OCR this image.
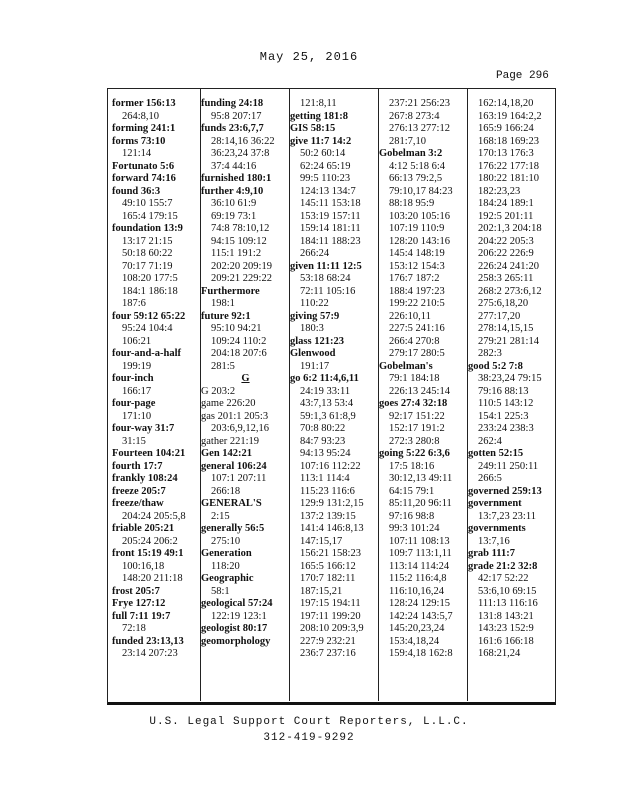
May 25, 2016
Page 296
former 156:13
264:8,10
forming 241:1
forms 73:10
121:14
Fortunato 5:6
forward 74:16
found 36:3
49:10 155:7
165:4 179:15
foundation 13:9
13:17 21:15
50:18 60:22
70:17 71:19
108:20 177:5
184:1 186:18
187:6
four 59:12 65:22
95:24 104:4
106:21
four-and-a-half
199:19
four-inch
166:17
four-page
171:10
four-way 31:7
31:15
Fourteen 104:21
fourth 17:7
frankly 108:24
freeze 205:7
freeze/thaw
204:24 205:5,8
friable 205:21
205:24 206:2
front 15:19 49:1
100:16,18
148:20 211:18
frost 205:7
Frye 127:12
full 7:11 19:7
72:18
funded 23:13,13
23:14 207:23
funding 24:18
95:8 207:17
funds 23:6,7,7
28:14,16 36:22
36:23,24 37:8
37:4 44:16
furnished 180:1
further 4:9,10
36:10 61:9
69:19 73:1
74:8 78:10,12
94:15 109:12
115:1 191:2
202:20 209:19
209:21 229:22
Furthermore
198:1
future 92:1
95:10 94:21
109:24 110:2
204:18 207:6
281:5
G
G 203:2
game 226:20
gas 201:1 205:3
203:6,9,12,16
gather 221:19
Gen 142:21
general 106:24
107:1 207:11
266:18
GENERAL'S
2:15
generally 56:5
275:10
Generation
118:20
Geographic
58:1
geological 57:24
122:19 123:1
geologist 80:17
geomorphology
121:8,11
getting 181:8
GIS 58:15
give 11:7 14:2
50:2 60:14
62:24 65:19
99:5 110:23
124:13 134:7
145:11 153:18
153:19 157:11
159:14 181:11
184:11 188:23
266:24
given 11:11 12:5
53:18 68:24
72:11 105:16
110:22
giving 57:9
180:3
glass 121:23
Glenwood
191:17
go 6:2 11:4,6,11
24:19 33:11
43:7,13 53:4
59:1,3 61:8,9
70:8 80:22
84:7 93:23
94:13 95:24
107:16 112:22
113:1 114:4
115:23 116:6
129:9 131:2,15
137:2 139:15
141:4 146:8,13
147:15,17
156:21 158:23
165:5 166:12
170:7 182:11
187:15,21
197:15 194:11
197:11 199:20
208:10 209:3,9
227:9 232:21
236:7 237:16
237:21 256:23
267:8 273:4
276:13 277:12
281:7,10
Gobelman 3:2
4:12 5:18 6:4
66:13 79:2,5
79:10,17 84:23
88:18 95:9
103:20 105:16
107:19 110:9
128:20 143:16
145:4 148:19
153:12 154:3
176:7 187:2
188:4 197:23
199:22 210:5
226:10,11
227:5 241:16
266:4 270:8
279:17 280:5
Gobelman's
79:1 184:18
226:13 245:14
goes 27:4 32:18
92:17 151:22
152:17 191:2
272:3 280:8
going 5:22 6:3,6
17:5 18:16
30:12,13 49:11
64:15 79:1
85:11,20 96:11
97:16 98:8
99:3 101:24
107:11 108:13
109:7 113:1,11
113:14 114:24
115:2 116:4,8
116:10,16,24
128:24 129:15
142:24 143:5,7
145:20,23,24
153:4,18,24
159:4,18 162:8
162:14,18,20
163:19 164:2,2
165:9 166:24
168:18 169:23
170:13 176:3
176:22 177:18
180:22 181:10
182:23,23
184:24 189:1
192:5 201:11
202:1,3 204:18
204:22 205:3
206:22 226:9
226:24 241:20
258:3 265:11
268:2 273:6,12
275:6,18,20
277:17,20
278:14,15,15
279:21 281:14
282:3
good 5:2 7:8
38:23,24 79:15
79:16 88:13
110:5 143:12
154:1 225:3
233:24 238:3
262:4
gotten 52:15
249:11 250:11
266:5
governed 259:13
government
13:7,23 23:11
governments
13:7,16
grab 111:7
grade 21:2 32:8
42:17 52:22
53:6,10 69:15
111:13 116:16
131:8 143:21
143:23 152:9
161:6 166:18
168:21,24
U.S. Legal Support Court Reporters, L.L.C.
312-419-9292
